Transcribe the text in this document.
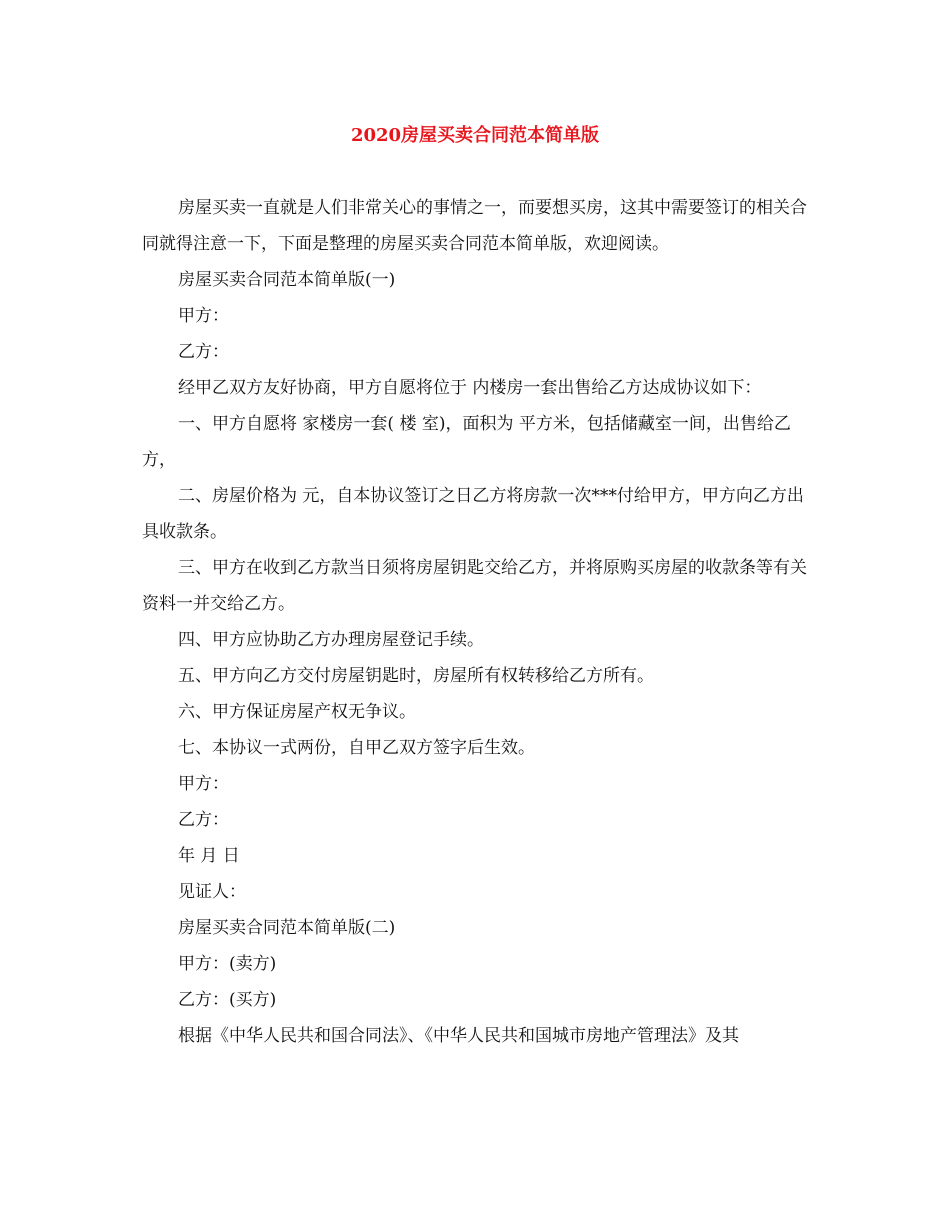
2020房屋买卖合同范本简单版

房屋买卖一直就是人们非常关心的事情之一，而要想买房，这其中需要签订的相关合同就得注意一下，下面是整理的房屋买卖合同范本简单版，欢迎阅读。

房屋买卖合同范本简单版(一)

甲方：

乙方：

经甲乙双方友好协商，甲方自愿将位于 内楼房一套出售给乙方达成协议如下：

一、甲方自愿将 家楼房一套( 楼 室)，面积为 平方米，包括储藏室一间，出售给乙方，

二、房屋价格为 元，自本协议签订之日乙方将房款一次***付给甲方，甲方向乙方出具收款条。

三、甲方在收到乙方款当日须将房屋钥匙交给乙方，并将原购买房屋的收款条等有关资料一并交给乙方。

四、甲方应协助乙方办理房屋登记手续。

五、甲方向乙方交付房屋钥匙时，房屋所有权转移给乙方所有。

六、甲方保证房屋产权无争议。

七、本协议一式两份，自甲乙双方签字后生效。

甲方：

乙方：

年 月 日

见证人：

房屋买卖合同范本简单版(二)

甲方：(卖方)

乙方：(买方)

根据《中华人民共和国合同法》、《中华人民共和国城市房地产管理法》及其
